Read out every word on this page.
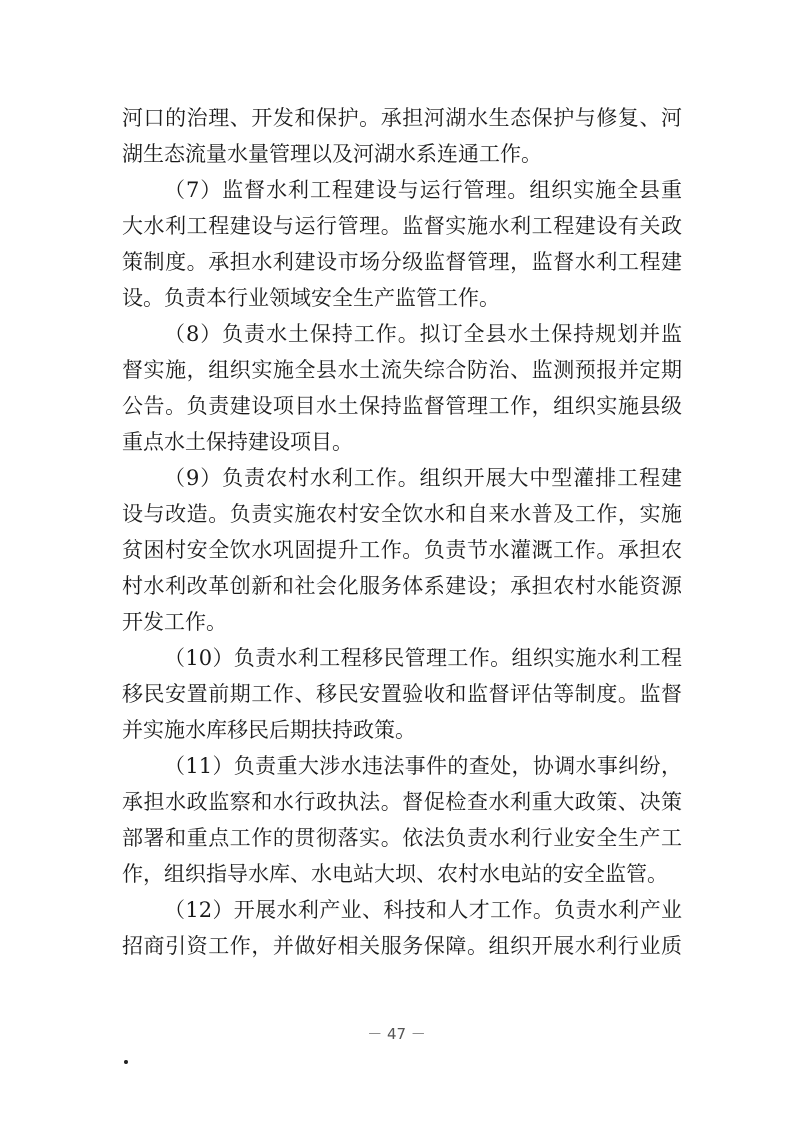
河口的治理、开发和保护。承担河湖水生态保护与修复、河
湖生态流量水量管理以及河湖水系连通工作。
（7）监督水利工程建设与运行管理。组织实施全县重
大水利工程建设与运行管理。监督实施水利工程建设有关政
策制度。承担水利建设市场分级监督管理，监督水利工程建
设。负责本行业领域安全生产监管工作。
（8）负责水土保持工作。拟订全县水土保持规划并监
督实施，组织实施全县水土流失综合防治、监测预报并定期
公告。负责建设项目水土保持监督管理工作，组织实施县级
重点水土保持建设项目。
（9）负责农村水利工作。组织开展大中型灌排工程建
设与改造。负责实施农村安全饮水和自来水普及工作，实施
贫困村安全饮水巩固提升工作。负责节水灌溉工作。承担农
村水利改革创新和社会化服务体系建设；承担农村水能资源
开发工作。
（10）负责水利工程移民管理工作。组织实施水利工程
移民安置前期工作、移民安置验收和监督评估等制度。监督
并实施水库移民后期扶持政策。
（11）负责重大涉水违法事件的查处，协调水事纠纷，
承担水政监察和水行政执法。督促检查水利重大政策、决策
部署和重点工作的贯彻落实。依法负责水利行业安全生产工
作，组织指导水库、水电站大坝、农村水电站的安全监管。
（12）开展水利产业、科技和人才工作。负责水利产业
招商引资工作，并做好相关服务保障。组织开展水利行业质
－ 47 －
